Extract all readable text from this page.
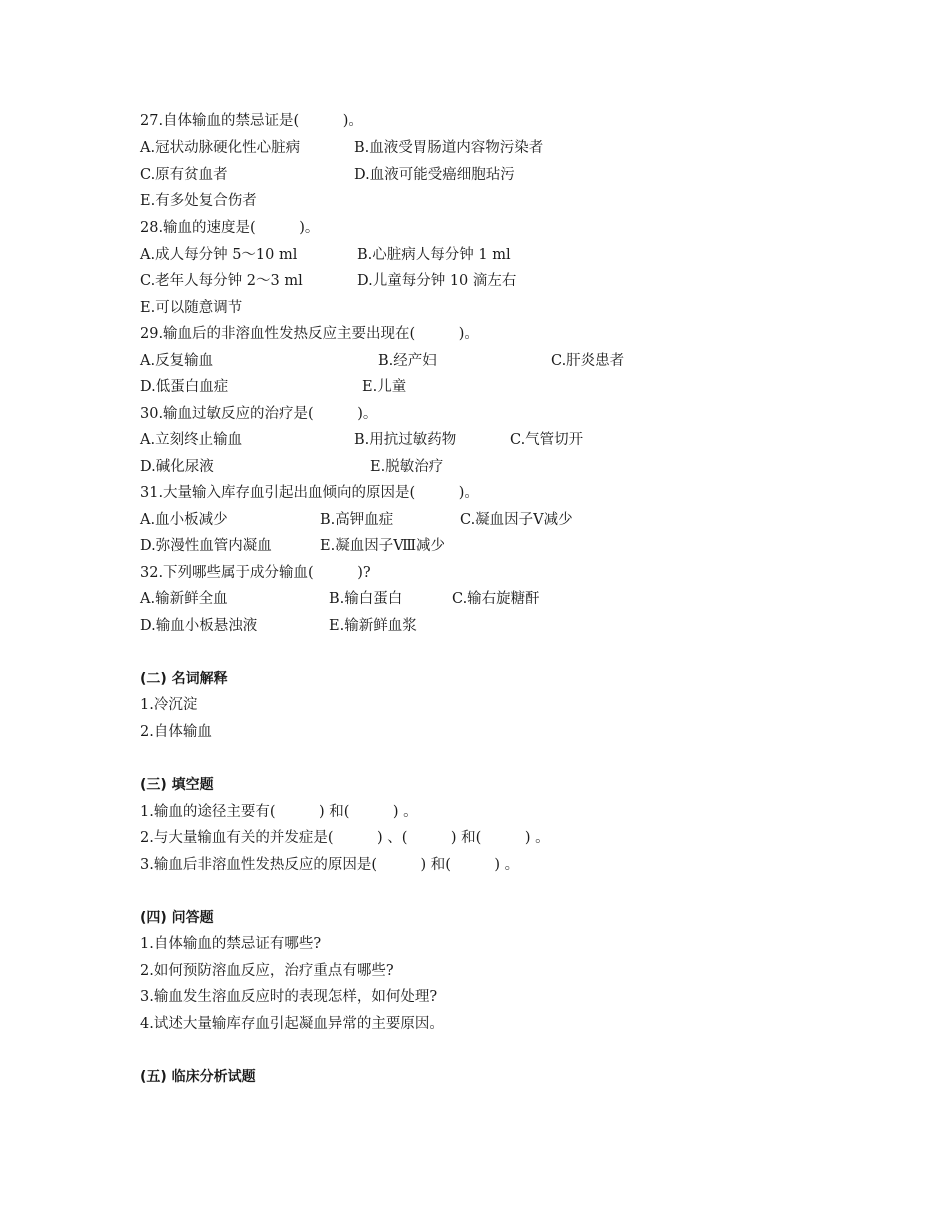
27.自体输血的禁忌证是(　　　)。
A.冠状动脉硬化性心脏病	B.血液受胃肠道内容物污染者
C.原有贫血者	D.血液可能受癌细胞玷污
E.有多处复合伤者
28.输血的速度是(　　　)。
A.成人每分钟 5～10 ml	B.心脏病人每分钟 1 ml
C.老年人每分钟 2～3 ml	D.儿童每分钟 10 滴左右
E.可以随意调节
29.输血后的非溶血性发热反应主要出现在(　　　)。
A.反复输血	B.经产妇	C.肝炎患者
D.低蛋白血症	E.儿童
30.输血过敏反应的治疗是(　　　)。
A.立刻终止输血	B.用抗过敏药物	C.气管切开
D.碱化尿液	E.脱敏治疗
31.大量输入库存血引起出血倾向的原因是(　　　)。
A.血小板减少	B.高钾血症	C.凝血因子Ⅴ减少
D.弥漫性血管内凝血	E.凝血因子Ⅷ减少
32.下列哪些属于成分输血(　　　)?
A.输新鲜全血	B.输白蛋白	C.输右旋糖酐
D.输血小板悬浊液	E.输新鲜血浆
(二) 名词解释
1.冷沉淀
2.自体输血
(三) 填空题
1.输血的途径主要有(　　　) 和(　　　) 。
2.与大量输血有关的并发症是(　　　) 、(　　　) 和(　　　) 。
3.输血后非溶血性发热反应的原因是(　　　) 和(　　　) 。
(四) 问答题
1.自体输血的禁忌证有哪些?
2.如何预防溶血反应，治疗重点有哪些?
3.输血发生溶血反应时的表现怎样，如何处理?
4.试述大量输库存血引起凝血异常的主要原因。
(五) 临床分析试题
